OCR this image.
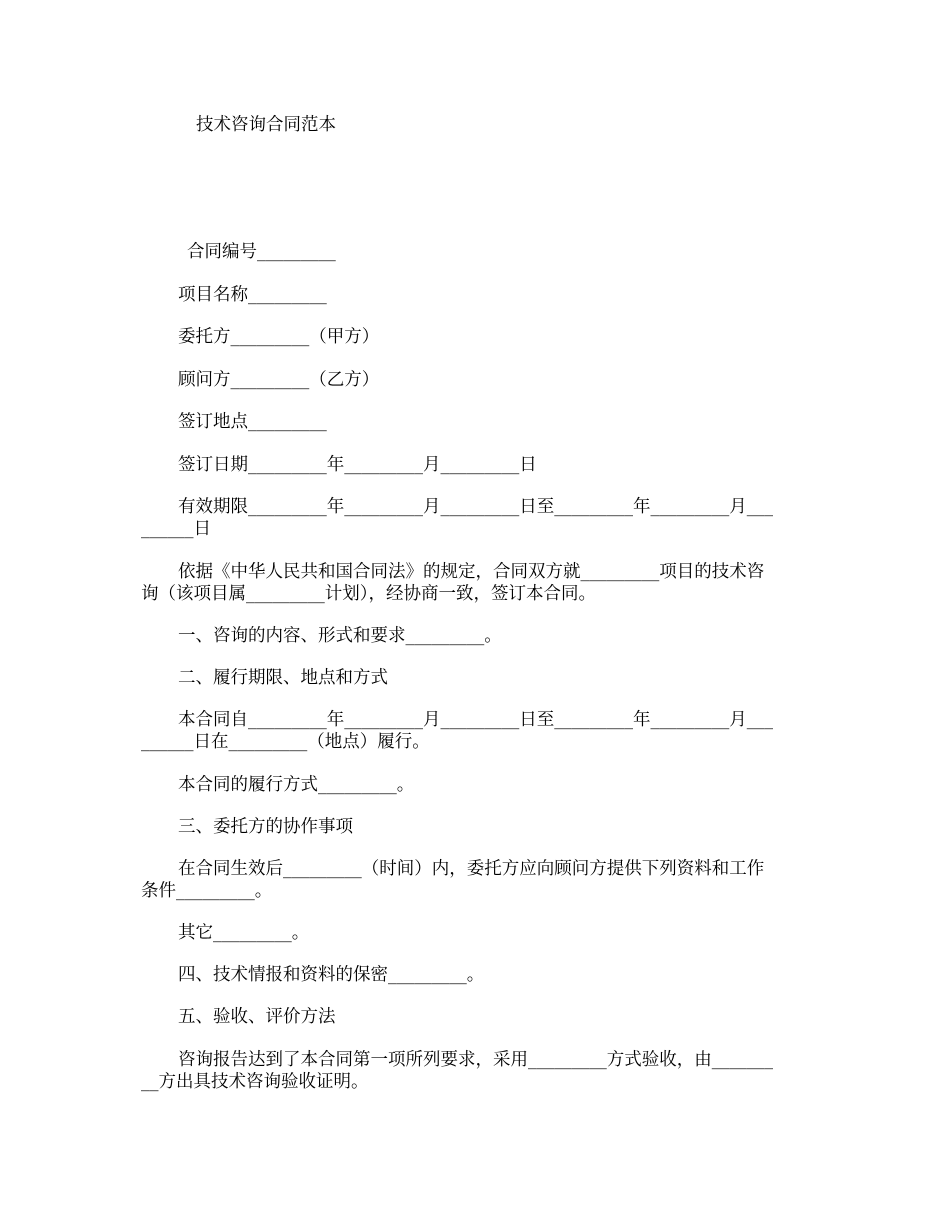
技术咨询合同范本
合同编号_________
项目名称_________
委托方_________（甲方）
顾问方_________（乙方）
签订地点_________
签订日期_________年_________月_________日
有效期限_________年_________月_________日至_________年_________月___
______日
依据《中华人民共和国合同法》的规定，合同双方就_________项目的技术咨
询（该项目属_________计划），经协商一致，签订本合同。
一、咨询的内容、形式和要求_________。
二、履行期限、地点和方式
本合同自_________年_________月_________日至_________年_________月___
______日在_________（地点）履行。
本合同的履行方式_________。
三、委托方的协作事项
在合同生效后_________（时间）内，委托方应向顾问方提供下列资料和工作
条件_________。
其它_________。
四、技术情报和资料的保密_________。
五、验收、评价方法
咨询报告达到了本合同第一项所列要求，采用_________方式验收，由_______
__方出具技术咨询验收证明。
